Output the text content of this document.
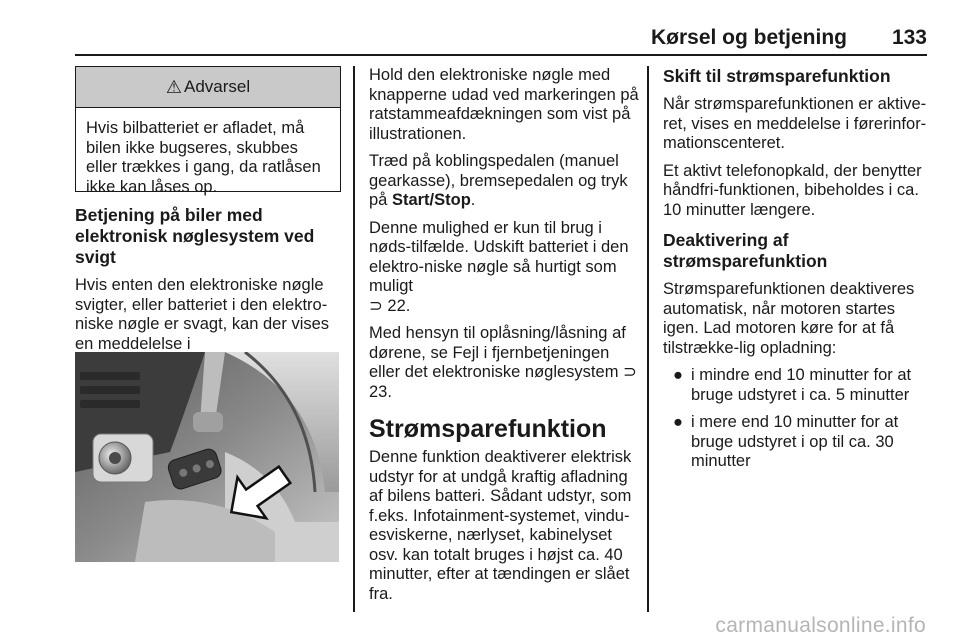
Kørsel og betjening 133
⚠ Advarsel
Hvis bilbatteriet er afladet, må bilen ikke bugseres, skubbes eller trækkes i gang, da ratlåsen ikke kan låses op.
Betjening på biler med elektronisk nøglesystem ved svigt

Hvis enten den elektroniske nøgle svigter, eller batteriet i den elektro-niske nøgle er svagt, kan der vises en meddelelse i

Hold den elektroniske nøgle med knapperne udad ved markeringen på ratstammeafdækningen som vist på illustrationen.

Træd på koblingspedalen (manuel gearkasse), bremsepedalen og tryk på Start/Stop.

Denne mulighed er kun til brug i nøds-tilfælde. Udskift batteriet i den elektro-niske nøgle så hurtigt som muligt
⊃ 22.

Med hensyn til oplåsning/låsning af dørene, se Fejl i fjernbetjeningen eller det elektroniske nøglesystem ⊃ 23.

Strømsparefunktion

Denne funktion deaktiverer elektrisk udstyr for at undgå kraftig afladning af bilens batteri. Sådant udstyr, som f.eks. Infotainment-systemet, vindu-esviskerne, nærlyset, kabinelyset osv. kan totalt bruges i højst ca. 40 minutter, efter at tændingen er slået fra.

Skift til strømsparefunktion

Når strømsparefunktionen er aktive-ret, vises en meddelelse i førerinfor-mationscenteret.

Et aktivt telefonopkald, der benytter håndfri-funktionen, bibeholdes i ca. 10 minutter længere.

Deaktivering af strømsparefunktion

Strømsparefunktionen deaktiveres automatisk, når motoren startes igen. Lad motoren køre for at få tilstrække-lig opladning:

● i mindre end 10 minutter for at bruge udstyret i ca. 5 minutter
● i mere end 10 minutter for at bruge udstyret i op til ca. 30 minutter
carmanualsonline.info
